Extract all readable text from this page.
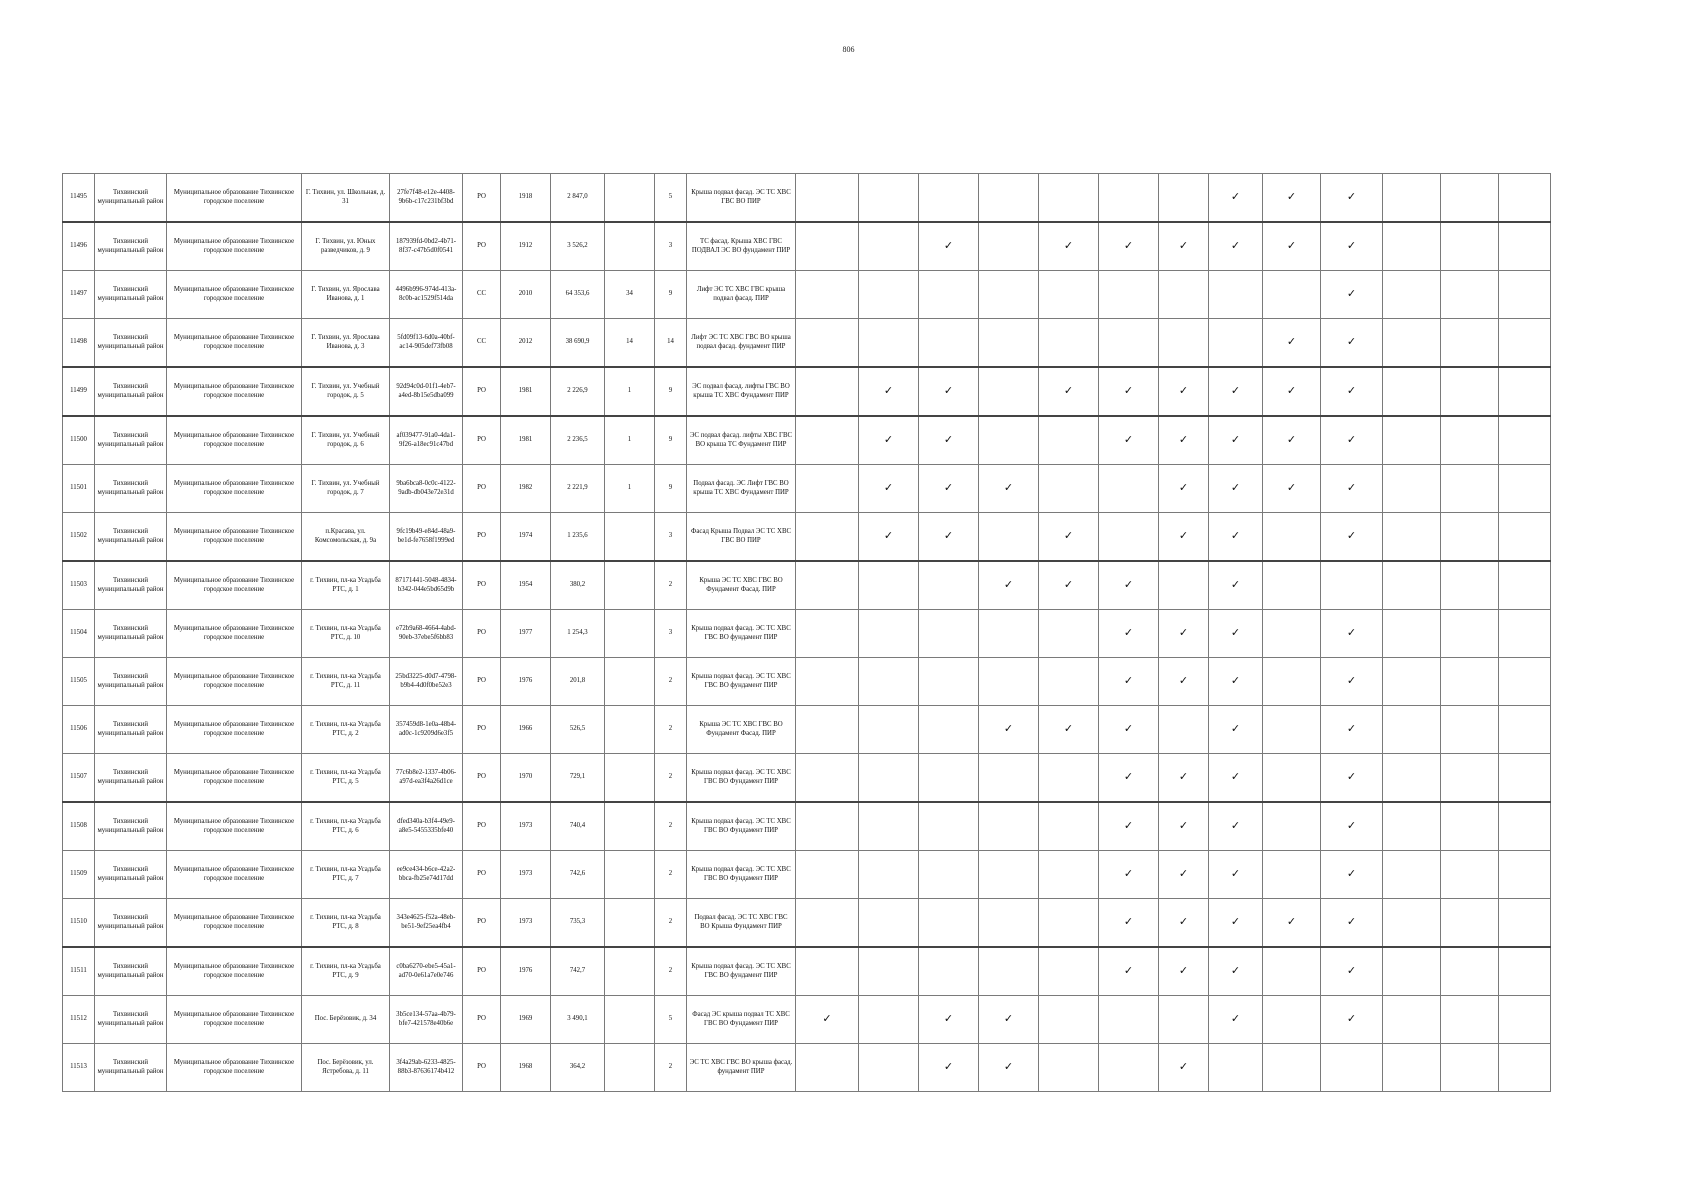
806
11495	Тихвинский муниципальный район	Муниципальное образование Тихвинское городское поселение	Г. Тихвин, ул. Школьная, д. 31	27fe7f48-e12e-4408-9b6b-c17c231bf3bd	РО	1918	2 847,0		5	Крыша подвал фасад. ЭС ТС ХВС ГВС ВО ПИР								✓	✓	✓			
11496	Тихвинский муниципальный район	Муниципальное образование Тихвинское городское поселение	Г. Тихвин, ул. Юных разведчиков, д. 9	187939fd-0bd2-4b71-8f37-c47b5d0f0541	РО	1912	3 526,2		3	ТС фасад. Крыша ХВС ГВС ПОДВАЛ ЭС ВО фундамент ПИР			✓		✓	✓	✓	✓	✓	✓			
11497	Тихвинский муниципальный район	Муниципальное образование Тихвинское городское поселение	Г. Тихвин, ул. Ярослава Иванова, д. 1	4496b996-974d-413a-8c0b-ac1529f514da	СС	2010	64 353,6	34	9	Лифт ЭС ТС ХВС ГВС крыша подвал фасад. ПИР										✓			
11498	Тихвинский муниципальный район	Муниципальное образование Тихвинское городское поселение	Г. Тихвин, ул. Ярослава Иванова, д. 3	5fd09f13-6d0a-40bf-ac14-905def73fb08	СС	2012	38 690,9	14	14	Лифт ЭС ТС ХВС ГВС ВО крыша подвал фасад. фундамент ПИР									✓	✓			
11499	Тихвинский муниципальный район	Муниципальное образование Тихвинское городское поселение	Г. Тихвин, ул. Учебный городок, д. 5	92d94c0d-01f1-4eb7-a4ed-8b15e5dba099	РО	1981	2 226,9	1	9	ЭС подвал фасад. лифты ГВС ВО крыша ТС ХВС Фундамент ПИР		✓	✓		✓	✓	✓	✓	✓	✓			
11500	Тихвинский муниципальный район	Муниципальное образование Тихвинское городское поселение	Г. Тихвин, ул. Учебный городок, д. 6	af039477-91a0-4da1-9f26-a18ec91c47bd	РО	1981	2 236,5	1	9	ЭС подвал фасад. лифты ХВС ГВС ВО крыша ТС Фундамент ПИР		✓	✓			✓	✓	✓	✓	✓			
11501	Тихвинский муниципальный район	Муниципальное образование Тихвинское городское поселение	Г. Тихвин, ул. Учебный городок, д. 7	9ba6bca8-0c0c-4122-9adb-db043e72e31d	РО	1982	2 221,9	1	9	Подвал фасад. ЭС Лифт ГВС ВО крыша ТС ХВС Фундамент ПИР		✓	✓	✓			✓	✓	✓	✓			
11502	Тихвинский муниципальный район	Муниципальное образование Тихвинское городское поселение	п.Красава, ул. Комсомольская, д. 9а	9fc19b49-e84d-48a9-be1d-fe7658f1999ed	РО	1974	1 235,6		3	Фасад Крыша Подвал ЭС ТС ХВС ГВС ВО ПИР		✓	✓		✓		✓	✓		✓			
11503	Тихвинский муниципальный район	Муниципальное образование Тихвинское городское поселение	г. Тихвин, пл-ка Усадьба РТС, д. 1	87171441-5048-4834-b342-044e5bd65d9b	РО	1954	380,2		2	Крыша ЭС ТС ХВС ГВС ВО Фундамент Фасад. ПИР				✓	✓	✓		✓					
11504	Тихвинский муниципальный район	Муниципальное образование Тихвинское городское поселение	г. Тихвин, пл-ка Усадьба РТС, д. 10	e72b9a68-4664-4abd-90eb-37ebe5f6bb83	РО	1977	1 254,3		3	Крыша подвал фасад. ЭС ТС ХВС ГВС ВО фундамент ПИР						✓	✓	✓		✓			
11505	Тихвинский муниципальный район	Муниципальное образование Тихвинское городское поселение	г. Тихвин, пл-ка Усадьба РТС, д. 11	25bd3225-d0d7-4798-b9b4-4d0f0be52e3	РО	1976	201,8		2	Крыша подвал фасад. ЭС ТС ХВС ГВС ВО фундамент ПИР						✓	✓	✓		✓			
11506	Тихвинский муниципальный район	Муниципальное образование Тихвинское городское поселение	г. Тихвин, пл-ка Усадьба РТС, д. 2	357459d8-1e0a-48b4-ad0c-1c9209d6e3f5	РО	1966	526,5		2	Крыша ЭС ТС ХВС ГВС ВО Фундамент Фасад. ПИР				✓	✓	✓		✓		✓			
11507	Тихвинский муниципальный район	Муниципальное образование Тихвинское городское поселение	г. Тихвин, пл-ка Усадьба РТС, д. 5	77c6b8e2-1337-4b06-a97d-ea3f4a26d1ce	РО	1970	729,1		2	Крыша подвал фасад. ЭС ТС ХВС ГВС ВО Фундамент ПИР						✓	✓	✓		✓			
11508	Тихвинский муниципальный район	Муниципальное образование Тихвинское городское поселение	г. Тихвин, пл-ка Усадьба РТС, д. 6	dfed340a-b3f4-49e9-a8e5-5455335bfe40	РО	1973	740,4		2	Крыша подвал фасад. ЭС ТС ХВС ГВС ВО Фундамент ПИР						✓	✓	✓		✓			
11509	Тихвинский муниципальный район	Муниципальное образование Тихвинское городское поселение	г. Тихвин, пл-ка Усадьба РТС, д. 7	ee9ce434-b6ce-42a2-bbca-fb25e74d17dd	РО	1973	742,6		2	Крыша подвал фасад. ЭС ТС ХВС ГВС ВО Фундамент ПИР						✓	✓	✓		✓			
11510	Тихвинский муниципальный район	Муниципальное образование Тихвинское городское поселение	г. Тихвин, пл-ка Усадьба РТС, д. 8	343e4625-f52a-48eb-be51-9ef25ea4fb4	РО	1973	735,3		2	Подвал фасад. ЭС ТС ХВС ГВС ВО Крыша Фундамент ПИР						✓	✓	✓	✓	✓			
11511	Тихвинский муниципальный район	Муниципальное образование Тихвинское городское поселение	г. Тихвин, пл-ка Усадьба РТС, д. 9	c0ba6270-ebe5-45a1-ad70-0e61a7e0e746	РО	1976	742,7		2	Крыша подвал фасад. ЭС ТС ХВС ГВС ВО фундамент ПИР						✓	✓	✓		✓			
11512	Тихвинский муниципальный район	Муниципальное образование Тихвинское городское поселение	Пос. Берёзовик, д. 34	3b5ce134-57aa-4b79-bfe7-421578e40b6e	РО	1969	3 490,1		5	Фасад ЭС крыша подвал ТС ХВС ГВС ВО Фундамент ПИР	✓		✓	✓				✓		✓			
11513	Тихвинский муниципальный район	Муниципальное образование Тихвинское городское поселение	Пос. Берёзовик, ул. Ястребова, д. 11	3f4a29ab-6233-4825-88b3-87636174b412	РО	1968	364,2		2	ЭС ТС ХВС ГВС ВО крыша фасад. фундамент ПИР			✓	✓			✓						
